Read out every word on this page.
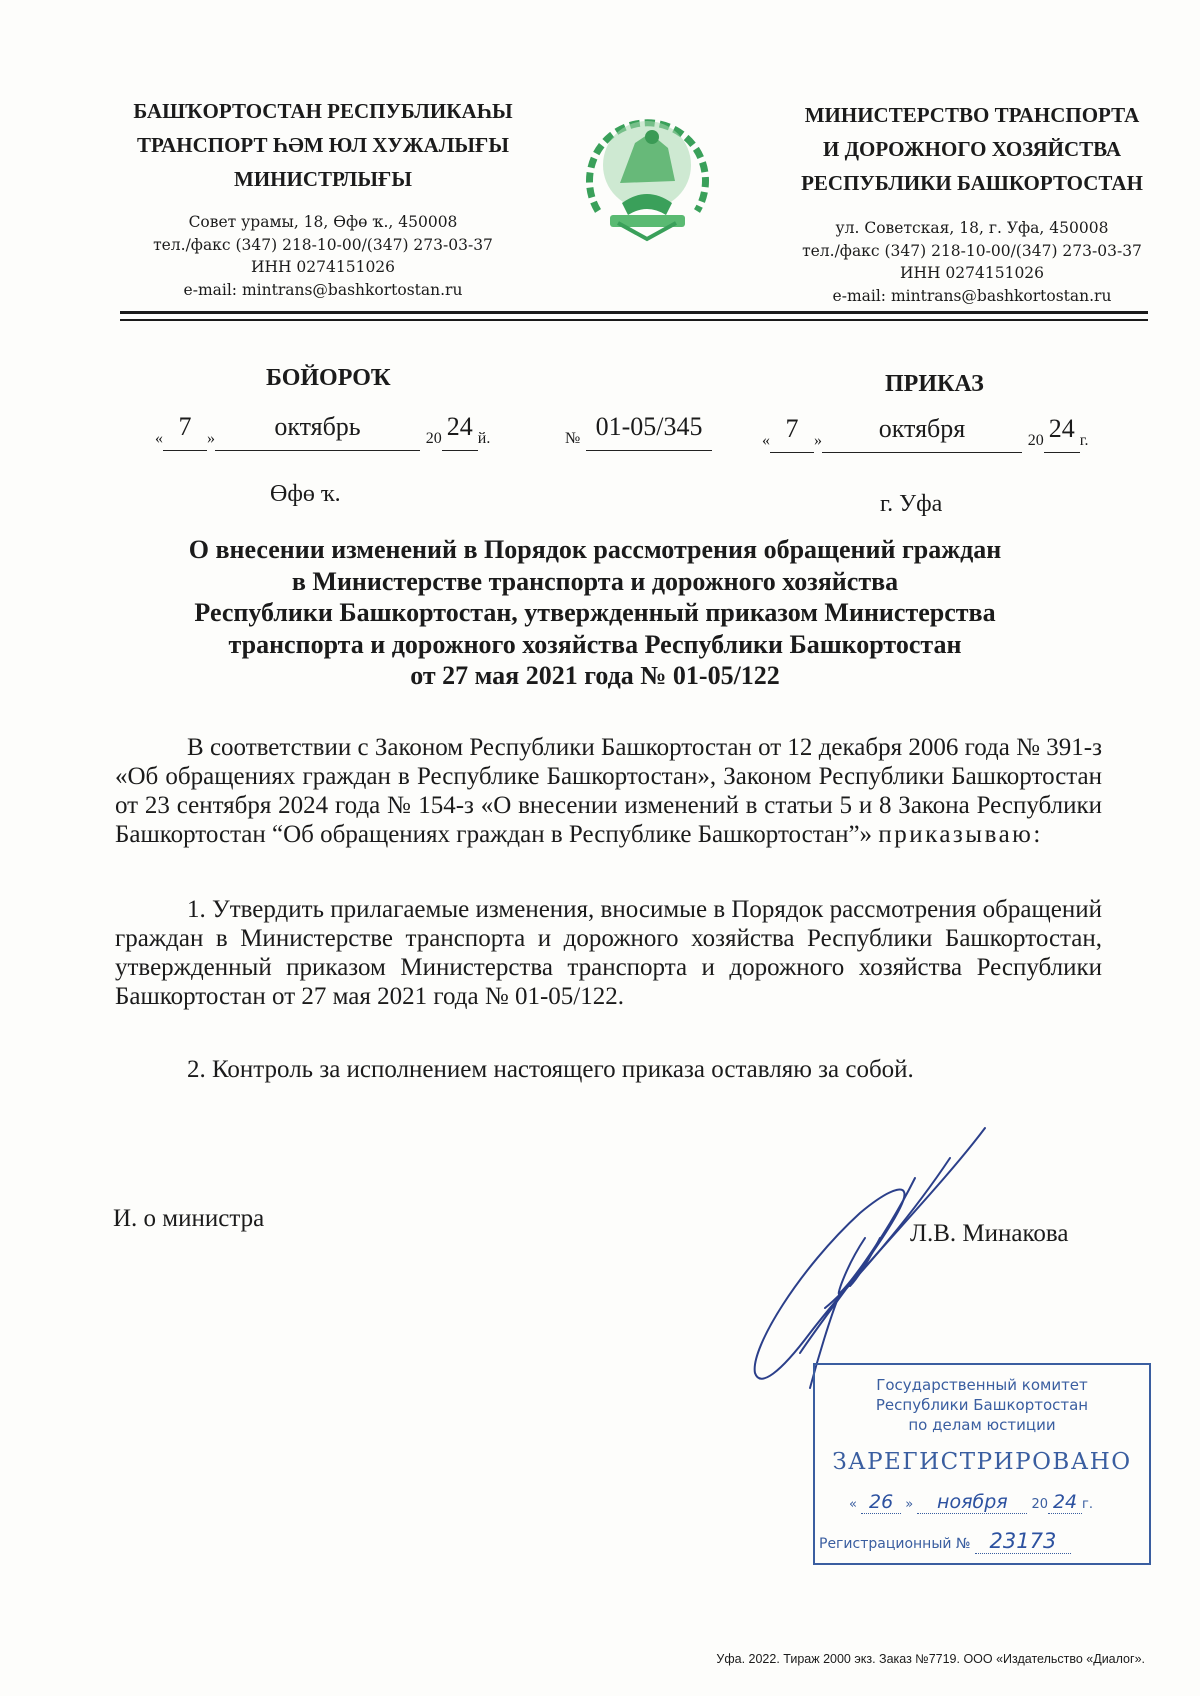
БАШҠОРТОСТАН РЕСПУБЛИКАҺЫ
ТРАНСПОРТ ҺӘМ ЮЛ ХУЖАЛЫҒЫ
МИНИСТРЛЫҒЫ
Совет урамы, 18, Өфө ҡ., 450008
тел./факс (347) 218-10-00/(347) 273-03-37
ИНН 0274151026
e-mail: mintrans@bashkortostan.ru
МИНИСТЕРСТВО ТРАНСПОРТА
И ДОРОЖНОГО ХОЗЯЙСТВА
РЕСПУБЛИКИ БАШКОРТОСТАН
ул. Советская, 18, г. Уфа, 450008
тел./факс (347) 218-10-00/(347) 273-03-37
ИНН 0274151026
e-mail: mintrans@bashkortostan.ru
БОЙОРОҠ	ПРИКАЗ
« 7 » октябрь	20 24 й.	№ 01-05/345	« 7 » октября	20 24 г.
Өфө ҡ.	г. Уфа
О внесении изменений в Порядок рассмотрения обращений граждан
в Министерстве транспорта и дорожного хозяйства
Республики Башкортостан, утвержденный приказом Министерства
транспорта и дорожного хозяйства Республики Башкортостан
от 27 мая 2021 года № 01-05/122
В соответствии с Законом Республики Башкортостан от 12 декабря 2006 года № 391-з «Об обращениях граждан в Республике Башкортостан», Законом Республики Башкортостан от 23 сентября 2024 года № 154-з «О внесении изменений в статьи 5 и 8 Закона Республики Башкортостан “Об обращениях граждан в Республике Башкортостан”» приказываю:
1. Утвердить прилагаемые изменения, вносимые в Порядок рассмотрения обращений граждан в Министерстве транспорта и дорожного хозяйства Республики Башкортостан, утвержденный приказом Министерства транспорта и дорожного хозяйства Республики Башкортостан от 27 мая 2021 года № 01-05/122.
2. Контроль за исполнением настоящего приказа оставляю за собой.
И. о министра
Л.В. Минакова
Государственный комитет
Республики Башкортостан
по делам юстиции
ЗАРЕГИСТРИРОВАНО
« 26 » ноября 20 24 г.
Регистрационный № 23173
Уфа. 2022. Тираж 2000 экз. Заказ №7719. ООО «Издательство «Диалог».
